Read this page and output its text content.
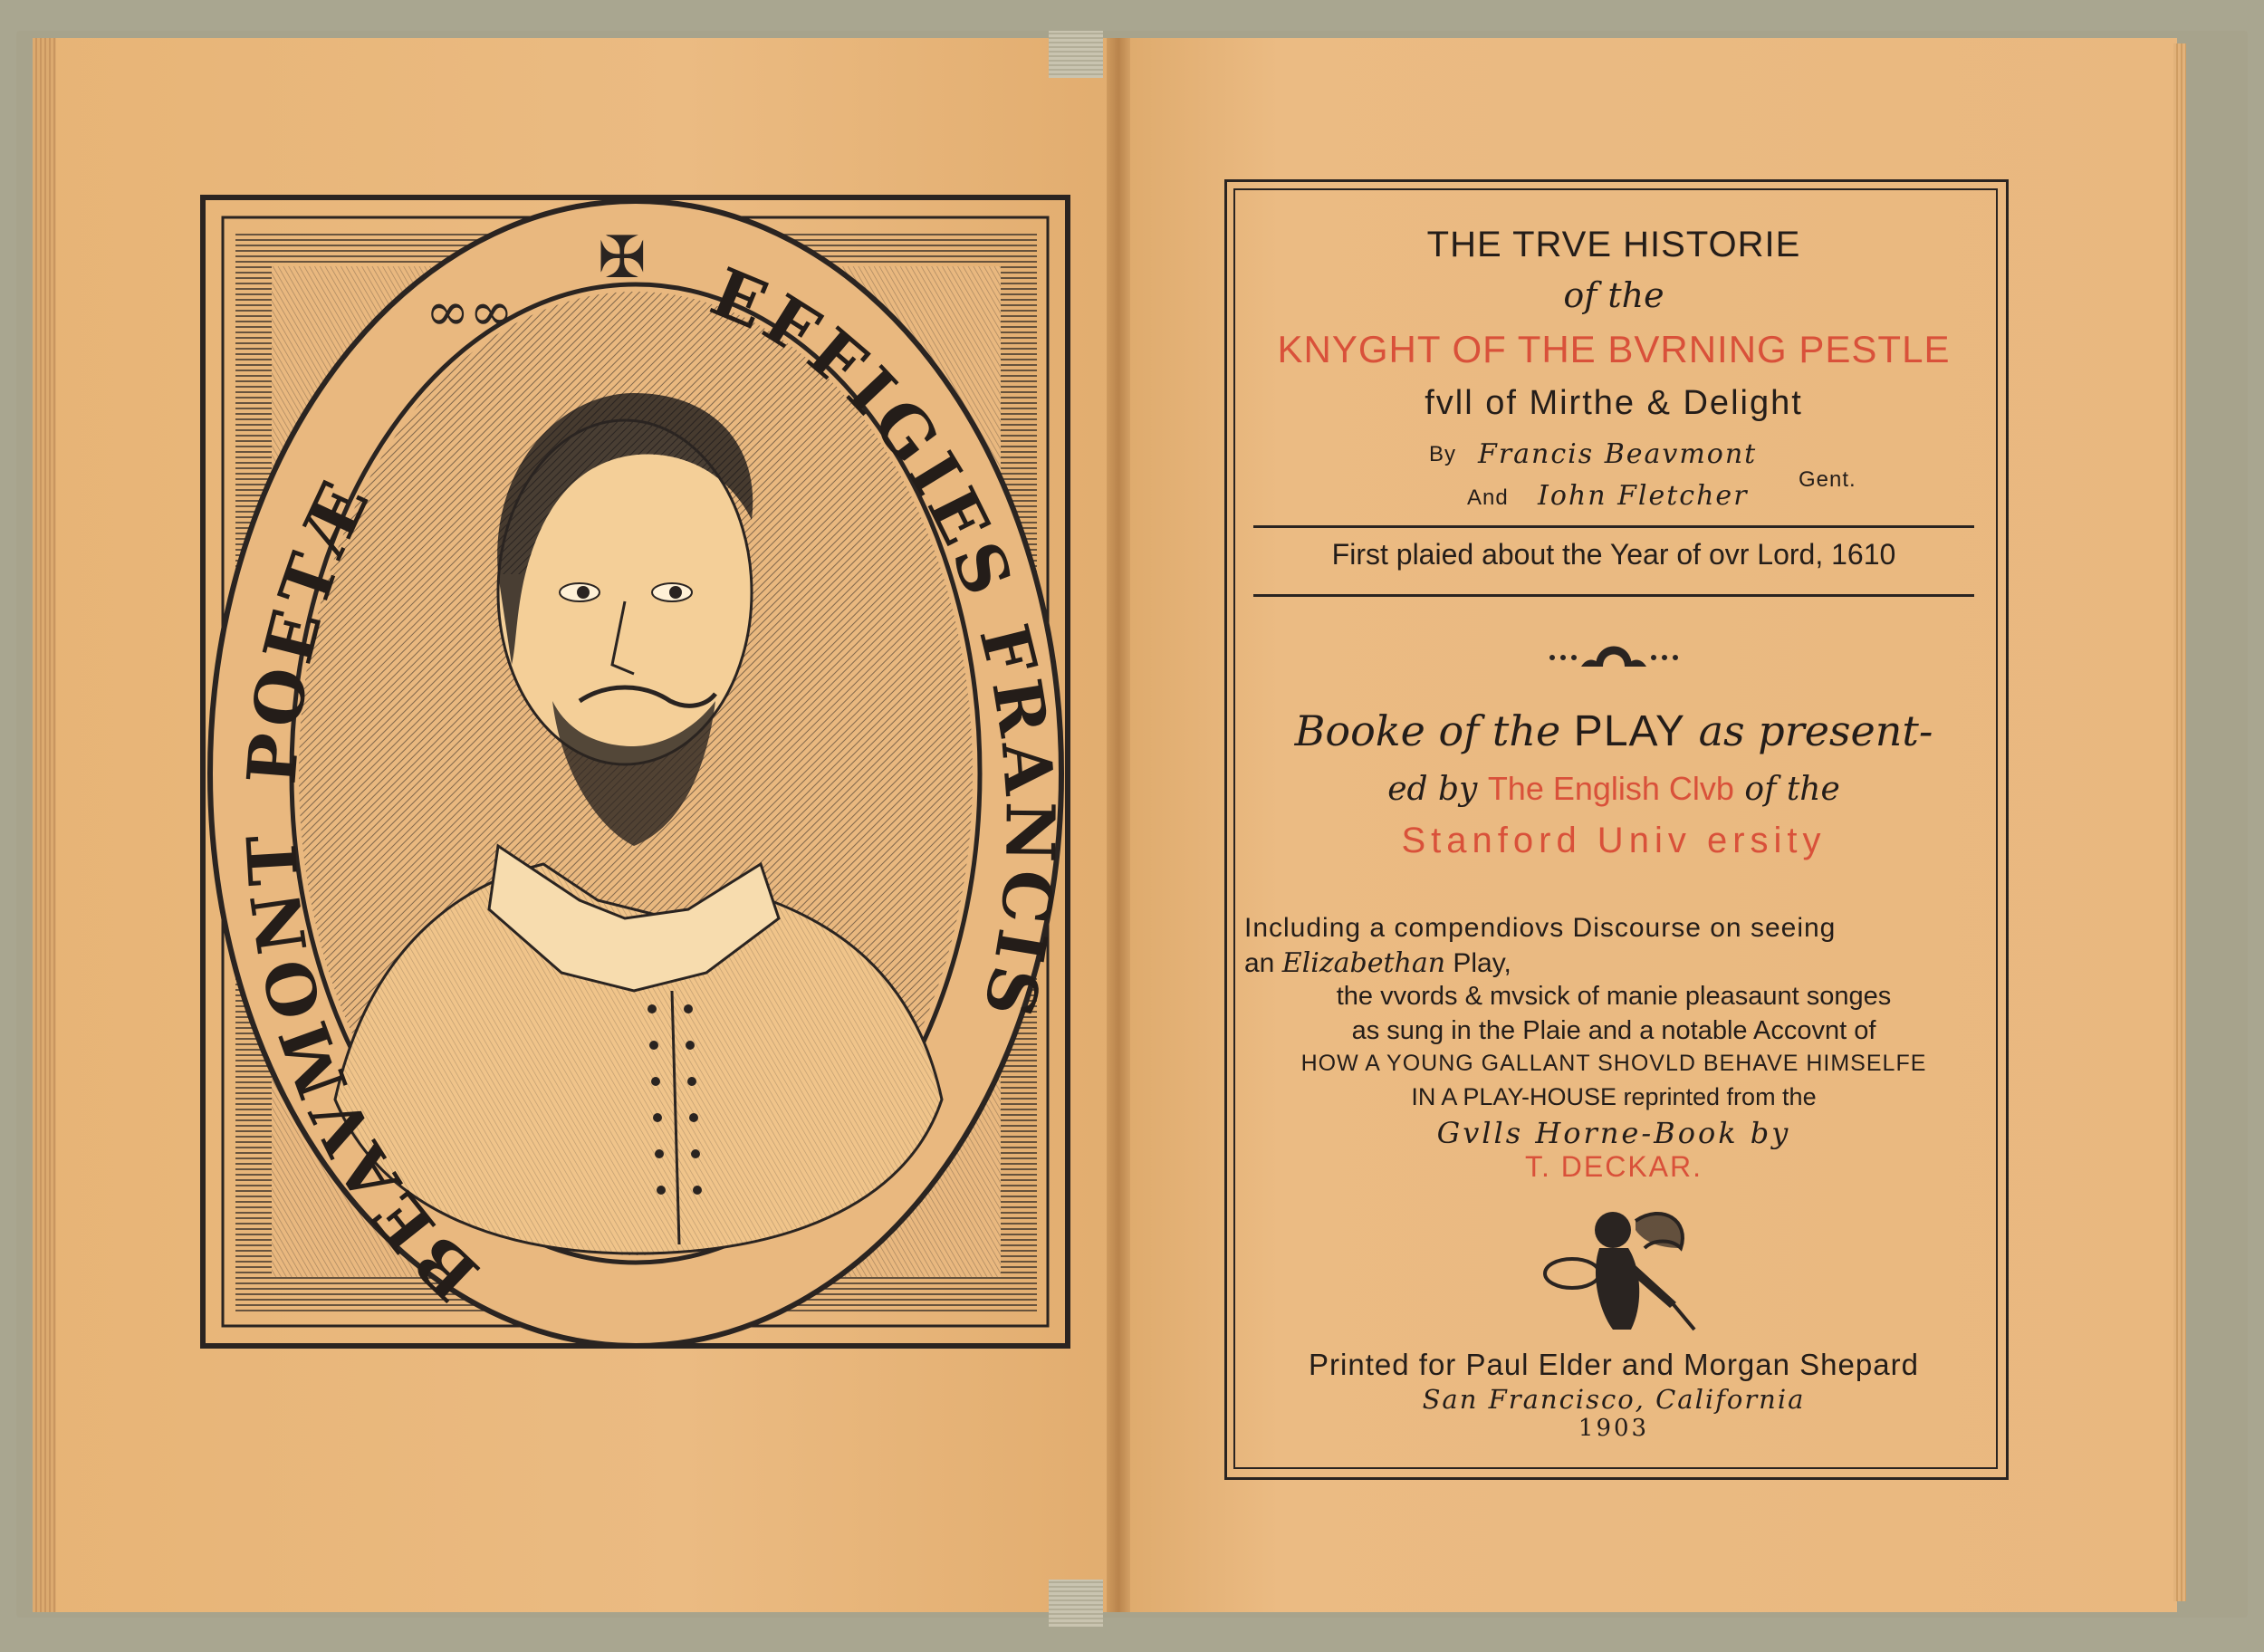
∞∞
✠ EFFIGIES FRANCIS
BEAVMONT
POETÆ
THE TRVE HISTORIE
of the
KNYGHT OF THE BVRNING PESTLE
fvll of Mirthe & Delight
By Francis Beavmont
And Iohn Fletcher
Gent.
First plaied about the Year of ovr Lord, 1610
Booke of the PLAY as present-
ed by The English Clvb of the
Stanford Univ ersity
Including a compendiovs Discourse on seeing
an Elizabethan Play,
the vvords & mvsick of manie pleasaunt songes
as sung in the Plaie and a notable Accovnt of
HOW A YOUNG GALLANT SHOVLD BEHAVE HIMSELFE
IN A PLAY-HOUSE reprinted from the
Gvlls Horne-Book by
T. DECKAR.
Printed for Paul Elder and Morgan Shepard
San Francisco, California
1903
